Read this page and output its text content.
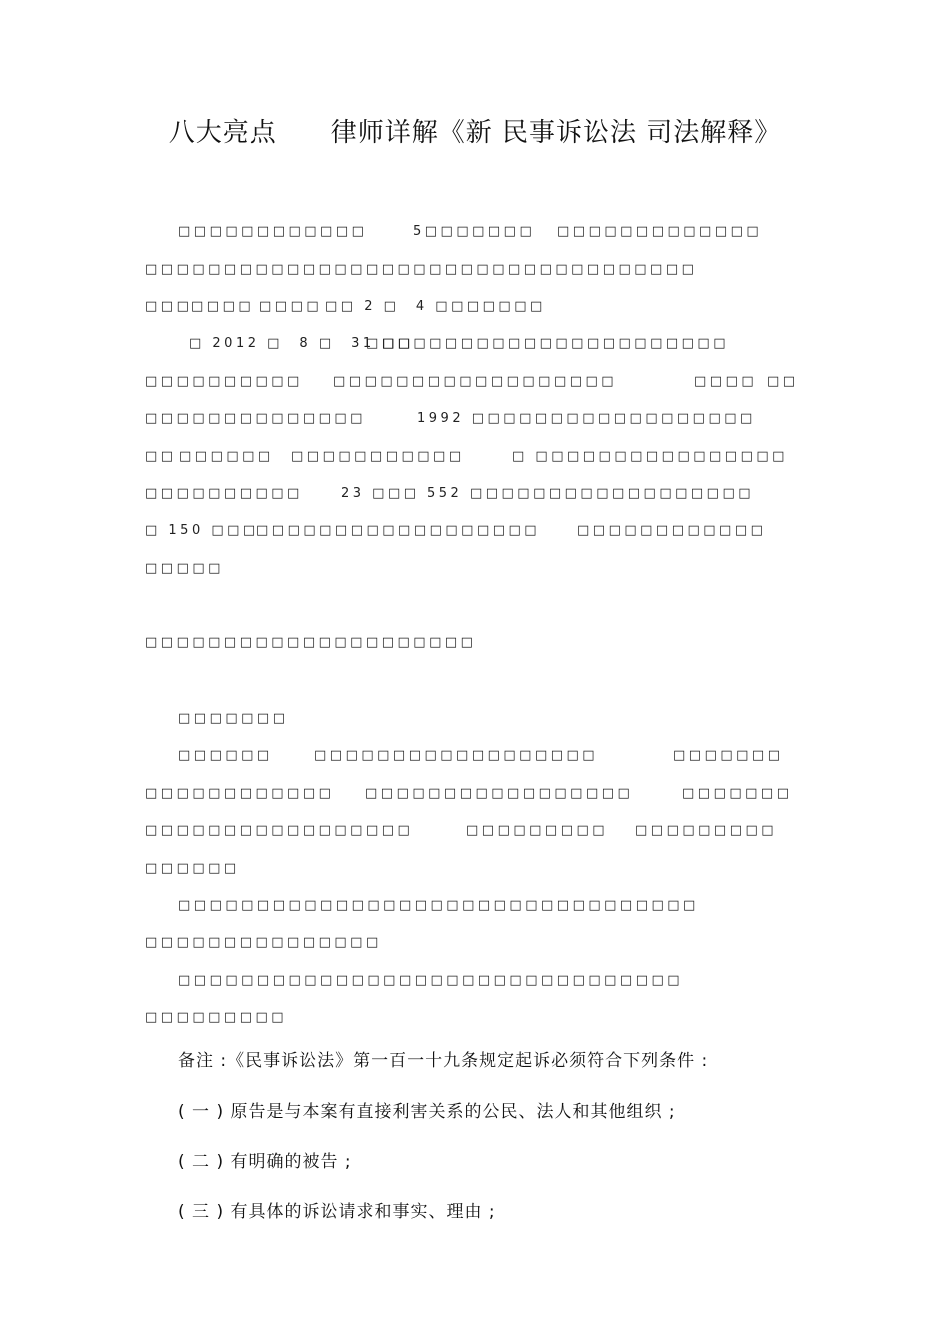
八大亮点　　律师详解《新 民事诉讼法 司法解释》
□□□□□□□□□□□□	5□□□□□□□ □□□□□□□□□□□□□
□□□□□□□□□□□□□□□□□□□□□□□□□□□□□□□□□□□
□□□
□□□□ □□□□ □□ 2 □　4 □□□□□□□
□ 2012 □　8 □　31 □□
□□□□□□□□□□□□□□□□□□□□□□□
□□□□□□□□□□ □□□□□□□□□□□□□□□□□□	□□□□ □□
□□□□□□□□□□□□□□	1992 □□□□□□□□□□□□□□□□□□
□□ □□□□□□ □□□□□□□□□□□	□ □□□□□□□□□□□□□□□□
□□□□□□□□□□	23 □□□ 552 □□□□□□□□□□□□□□□□□□
□ 150 □□□
□□□□□□□□□□□□□□□□□□	□□□□□□□□□□□□
□□□□□
□□□□□□□□□□□□□□□□□□□□□
□□□□□□□
□□□□□□	□□□□□□□□□□□□□□□□□□	□□□□□□□
□□□□□□□□□□□□ □□□□□□□□□□□□□□□□□	□□□□□□□
□□□□□□□□□□□□□□□□□	□□□□□□□□□ □□□□□□□□□
□□□□□□
□□□□□□□□□□□□□□□□□□□□□□□□□□□□□□□□□
□□□□□□□□□□□□□□□
□□□□□□□□□□□□□□□□□□□□□□□□□□□□□□□□
□□□□□□□□□
备注 :《民事诉讼法》第一百一十九条规定起诉必须符合下列条件 :
( 一 ) 原告是与本案有直接利害关系的公民、法人和其他组织 ;
( 二 ) 有明确的被告 ;
( 三 ) 有具体的诉讼请求和事实、理由 ;
